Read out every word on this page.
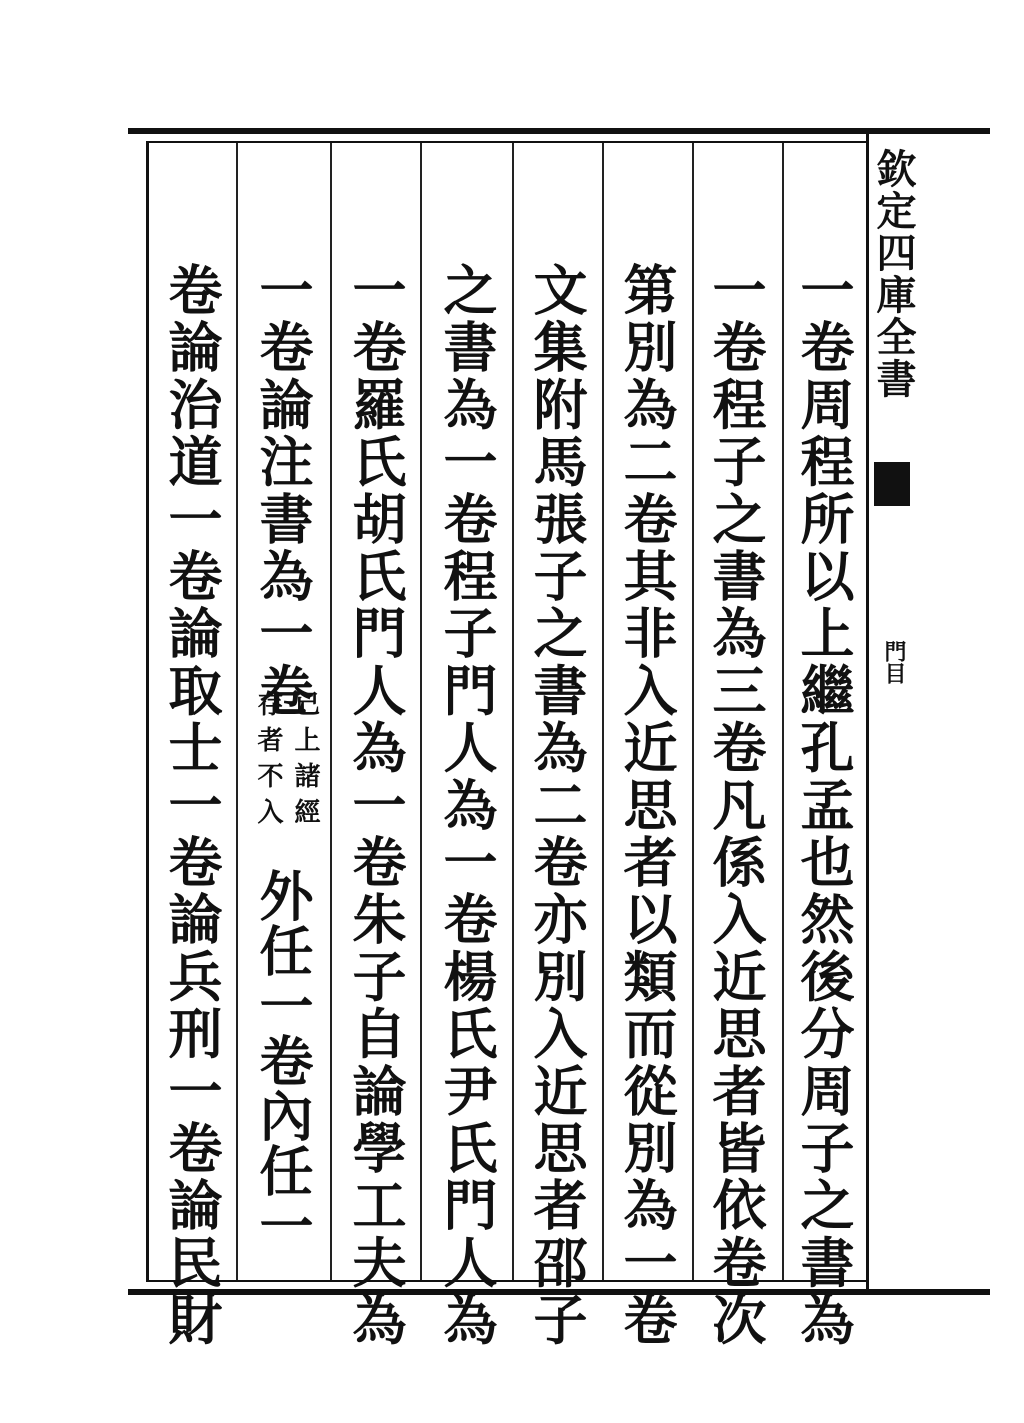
欽定四庫全書
門目
一卷周程所以上繼孔孟也然後分周子之書為
一卷程子之書為三卷凡係入近思者皆依卷次
第別為二卷其非入近思者以類而從別為一卷
文集附馬張子之書為二卷亦別入近思者邵子
之書為一卷程子門人為一卷楊氏尹氏門人為
一卷羅氏胡氏門人為一卷朱子自論學工夫為
一卷論注書為一卷
已上諸經
存者不入
外任一卷內任一
卷論治道一卷論取士一卷論兵刑一卷論民財
